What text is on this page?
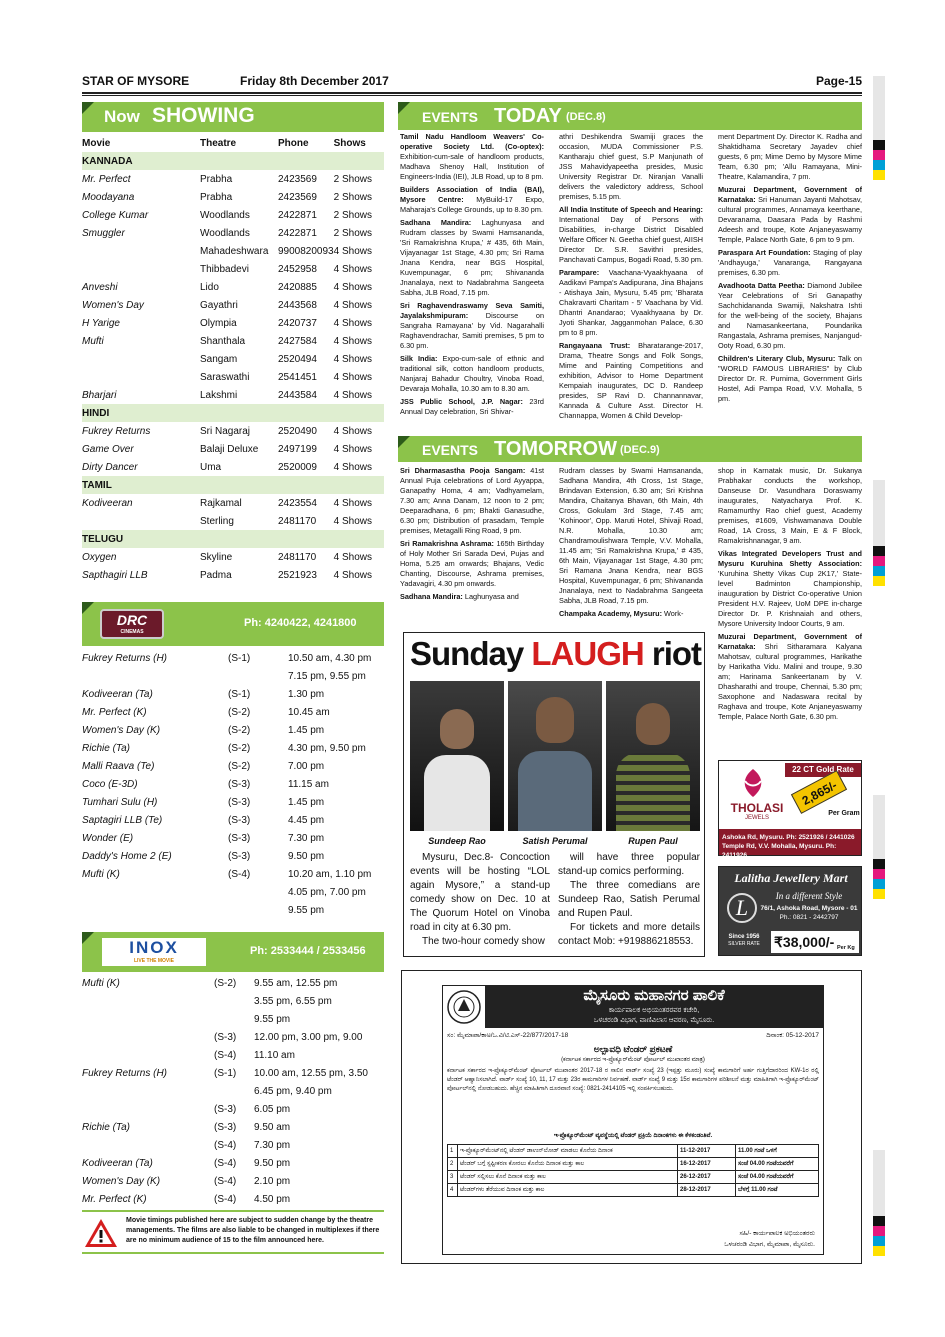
STAR OF MYSORE	Friday 8th December 2017	Page-15
Now SHOWING
Movie	Theatre	Phone	Shows
KANNADA			
Mr. Perfect	Prabha	2423569	2 Shows
Moodayana	Prabha	2423569	2 Shows
College Kumar	Woodlands	2422871	2 Shows
Smuggler	Woodlands	2422871	2 Shows
	Mahadeshwara	9900820093	4 Shows
	Thibbadevi	2452958	4 Shows
Anveshi	Lido	2420885	4 Shows
Women's Day	Gayathri	2443568	4 Shows
H Yarige	Olympia	2420737	4 Shows
Mufti	Shanthala	2427584	4 Shows
	Sangam	2520494	4 Shows
	Saraswathi	2541451	4 Shows
Bharjari	Lakshmi	2443584	4 Shows
HINDI			
Fukrey Returns	Sri Nagaraj	2520490	4 Shows
Game Over	Balaji Deluxe	2497199	4 Shows
Dirty Dancer	Uma	2520009	4 Shows
TAMIL			
Kodiveeran	Rajkamal	2423554	4 Shows
	Sterling	2481170	4 Shows
TELUGU			
Oxygen	Skyline	2481170	4 Shows
Sapthagiri LLB	Padma	2521923	4 Shows
DRC
CINEMAS
Ph: 4240422, 4241800
Fukrey Returns (H)	(S-1)	10.50 am, 4.30 pm
		7.15 pm, 9.55 pm
Kodiveeran (Ta)	(S-1)	1.30 pm
Mr. Perfect (K)	(S-2)	10.45 am
Women's Day (K)	(S-2)	1.45 pm
Richie (Ta)	(S-2)	4.30 pm, 9.50 pm
Malli Raava (Te)	(S-2)	7.00 pm
Coco (E-3D)	(S-3)	11.15 am
Tumhari Sulu (H)	(S-3)	1.45 pm
Saptagiri LLB (Te)	(S-3)	4.45 pm
Wonder (E)	(S-3)	7.30 pm
Daddy's Home 2 (E)	(S-3)	9.50 pm
Mufti (K)	(S-4)	10.20 am, 1.10 pm
		4.05 pm, 7.00 pm
		9.55 pm
INOX
LIVE THE MOVIE
Ph: 2533444 / 2533456
Mufti (K)	(S-2)	9.55 am, 12.55 pm
		3.55 pm, 6.55 pm
		9.55 pm
	(S-3)	12.00 pm, 3.00 pm, 9.00
	(S-4)	11.10 am
Fukrey Returns (H)	(S-1)	10.00 am, 12.55 pm, 3.50
		6.45 pm, 9.40 pm
	(S-3)	6.05 pm
Richie (Ta)	(S-3)	9.50 am
	(S-4)	7.30 pm
Kodiveeran (Ta)	(S-4)	9.50 pm
Women's Day (K)	(S-4)	2.10 pm
Mr. Perfect (K)	(S-4)	4.50 pm
Movie timings published here are subject to sudden change by the theatre managements. The films are also liable to be changed in multiplexes if there are no minimum audience of 15 to the film announced here.
EVENTS TODAY (DEC.8)

Tamil Nadu Handloom Weavers' Co-operative Society Ltd. (Co-optex): Exhibition-cum-sale of handloom products, Madhava Shenoy Hall, Institution of Engineers-India (IEI), JLB Road, up to 8 pm.

Builders Association of India (BAI), Mysore Centre: MyBuild-17 Expo, Maharaja's College Grounds, up to 8.30 pm.

Sadhana Mandira: Laghunyasa and Rudram classes by Swami Hamsananda, 'Sri Ramakrishna Krupa,' # 435, 6th Main, Vijayanagar 1st Stage, 4.30 pm; Sri Rama Jnana Kendra, near BGS Hospital, Kuvempunagar, 6 pm; Shivananda Jnanalaya, next to Nadabrahma Sangeeta Sabha, JLB Road, 7.15 pm.

Sri Raghavendraswamy Seva Samiti, Jayalakshmipuram: Discourse on Sangraha Ramayana' by Vid. Nagarahalli Raghavendrachar, Samiti premises, 5 pm to 6.30 pm.

Silk India: Expo-cum-sale of ethnic and traditional silk, cotton handloom products, Nanjaraj Bahadur Choultry, Vinoba Road, Devaraja Mohalla, 10.30 am to 8.30 am.

JSS Public School, J.P. Nagar: 23rd Annual Day celebration, Sri Shivar-

athri Deshikendra Swamiji graces the occasion, MUDA Commissioner P.S. Kantharaju chief guest, S.P Manjunath of JSS Mahavidyapeetha presides, Music University Registrar Dr. Niranjan Vanalli delivers the valedictory address, School premises, 5.15 pm.

All India Institute of Speech and Hearing: International Day of Persons with Disabilities, in-charge District Disabled Welfare Officer N. Geetha chief guest, AIISH Director Dr. S.R. Savithri presides, Panchavati Campus, Bogadi Road, 5.30 pm.

Parampare: Vaachana-Vyaakhyaana of Aadikavi Pampa's Aadipurana, Jina Bhajans - Atishaya Jain, Mysuru, 5.45 pm; 'Bharata Chakravarti Charitam - 5' Vaachana by Vid. Dhantri Anandarao; Vyaakhyaana by Dr. Jyoti Shankar, Jagganmohan Palace, 6.30 pm to 8 pm.

Rangayaana Trust: Bharatarange-2017, Drama, Theatre Songs and Folk Songs, Mime and Painting Competitions and exhibition, Advisor to Home Department Kempaiah inaugurates, DC D. Randeep presides, SP Ravi D. Channannavar, Kannada & Culture Asst. Director H. Channappa, Women & Child Develop-

ment Department Dy. Director K. Radha and Shaktidhama Secretary Jayadev chief guests, 6 pm; Mime Demo by Mysore Mime Team, 6.30 pm; 'Allu Ramayana, Mini-Theatre, Kalamandira, 7 pm.

Muzurai Department, Government of Karnataka: Sri Hanuman Jayanti Mahotsav, cultural programmes, Annamaya keerthane, Devaranama, Daasara Pada by Rashmi Adeesh and troupe, Kote Anjaneyaswamy Temple, Palace North Gate, 6 pm to 9 pm.

Paraspara Art Foundation: Staging of play 'Andhayuga,' Vanaranga, Rangayana premises, 6.30 pm.

Avadhoota Datta Peetha: Diamond Jubilee Year Celebrations of Sri Ganapathy Sachchidananda Swamiji, Nakshatra Ishti for the well-being of the society, Bhajans and Namasankeertana, Poundarika Rangastala, Ashrama premises, Nanjangud-Ooty Road, 6.30 pm.

Children's Literary Club, Mysuru: Talk on "WORLD FAMOUS LIBRARIES" by Club Director Dr. R. Purnima, Government Girls Hostel, Adi Pampa Road, V.V. Mohalla, 5 pm.

EVENTS TOMORROW (DEC.9)

Sri Dharmasastha Pooja Sangam: 41st Annual Puja celebrations of Lord Ayyappa, Ganapathy Homa, 4 am; Vadhyamelam, 7.30 am; Anna Danam, 12 noon to 2 pm; Deeparadhana, 6 pm; Bhakti Ganasudhe, 6.30 pm; Distribution of prasadam, Temple premises, Metagalli Ring Road, 9 pm.

Sri Ramakrishna Ashrama: 165th Birthday of Holy Mother Sri Sarada Devi, Pujas and Homa, 5.25 am onwards; Bhajans, Vedic Chanting, Discourse, Ashrama premises, Yadavagiri, 4.30 pm onwards.

Sadhana Mandira: Laghunyasa and

Rudram classes by Swami Hamsananda, Sadhana Mandira, 4th Cross, 1st Stage, Brindavan Extension, 6.30 am; Sri Krishna Mandira, Chaitanya Bhavan, 6th Main, 4th Cross, Gokulam 3rd Stage, 7.45 am; 'Kohinoor', Opp. Maruti Hotel, Shivaji Road, N.R. Mohalla, 10.30 am; Chandramoulishwara Temple, V.V. Mohalla, 11.45 am; 'Sri Ramakrishna Krupa,' # 435, 6th Main, Vijayanagar 1st Stage, 4.30 pm; Sri Ramana Jnana Kendra, near BGS Hospital, Kuvempunagar, 6 pm; Shivananda Jnanalaya, next to Nadabrahma Sangeeta Sabha, JLB Road, 7.15 pm.

Champaka Academy, Mysuru: Work-

shop in Karnatak music, Dr. Sukanya Prabhakar conducts the workshop, Danseuse Dr. Vasundhara Doraswamy inaugurates, Natyacharya Prof. K. Ramamurthy Rao chief guest, Academy premises, #1609, Vishwamanava Double Road, 1A Cross, 3 Main, E & F Block, Ramakrishnanagar, 9 am.

Vikas Integrated Developers Trust and Mysuru Kuruhina Shetty Association: 'Kuruhina Shetty Vikas Cup 2K17,' State-level Badminton Championship, inauguration by District Co-operative Union President H.V. Rajeev, UoM DPE in-charge Director Dr. P. Krishnaiah and others, Mysore University Indoor Courts, 9 am.

Muzurai Department, Government of Karnataka: Shri Sitharamara Kalyana Mahotsav, cultural programmes, Harikathe by Harikatha Vidu. Malini and troupe, 9.30 am; Harinama Sankeertanam by V. Dhasharathi and troupe, Chennai, 5.30 pm; Saxophone and Nadaswara recital by Raghava and troupe, Kote Anjaneyaswamy Temple, Palace North Gate, 6.30 pm.

Sunday LAUGH riot
Sundeep Rao	Satish Perumal	Rupen Paul
Mysuru, Dec.8- Concoction events will be hosting “LOL again Mysore,” a stand-up comedy show on Dec. 10 at The Quorum Hotel on Vinoba road in city at 6.30 pm.
The two-hour comedy show
will have three popular stand-up comics performing.
The three comedians are Sundeep Rao, Satish Perumal and Rupen Paul.
For tickets and more details contact Mob: +919886218553.
22 CT Gold Rate
2,865/-
Per Gram
THOLASI
JEWELS
Ashoka Rd, Mysuru. Ph: 2521926 / 2441026 Temple Rd, V.V. Mohalla, Mysuru. Ph: 2411926
Lalitha Jewellery Mart
In a different Style
L	76/1, Ashoka Road, Mysore - 01
Ph.: 0821 - 2442797
Since 1956
SILVER RATE	₹38,000/- Per Kg
ಮೈಸೂರು ಮಹಾನಗರ ಪಾಲಿಕೆ
ಕಾರ್ಯಪಾಲಕ ಅಭಿಯಂತರರವರ ಕಚೇರಿ,
ಒಳಚರಂಡಿ ವಿಭಾಗ, ವಾಣಿವಿಲಾಸ ಆವರಣ, ಮೈಸೂರು.
ಸಂ: ಮೈಮಾಪಾ/ಕಾಅ/ಒ.ವಿ/ಟಿ.ಎಸ್-22/877/2017-18	ದಿನಾಂಕ: 05-12-2017
ಅಲ್ಪಾವಧಿ ಟೆಂಡರ್ ಪ್ರಕಟಣೆ
(ಕರ್ನಾಟಕ ಸರ್ಕಾರದ ಇ-ಪ್ರೊಕ್ಯೂರ್‌ಮೆಂಟ್ ಪೋರ್ಟಲ್ ಮುಖಾಂತರ ಮಾತ್ರ)
ಕರ್ನಾಟಕ ಸರ್ಕಾರದ ಇ-ಪ್ರೊಕ್ಯೂರ್‌ಮೆಂಟ್ ಪೋರ್ಟಲ್ ಮುಖಾಂತರ 2017-18 ರ ಸಾಲಿನ ವಾರ್ಡ್ ಸಂಖ್ಯೆ 23 (ಇಪ್ಪತ್ತು ಮೂರು) ಸಂಖ್ಯೆ ಕಾಮಗಾರಿಗೆ ಅರ್ಹ ಗುತ್ತಿಗೆದಾರರಿಂದ KW-1ರ ರಲ್ಲಿ ಟೆಂಡರ್ ಆಹ್ವಾನಿಸಲಾಗಿದೆ. ವಾರ್ಡ್ ಸಂಖ್ಯೆ 10, 11, 17 ಮತ್ತು 23ರ ಕಾಮಗಾರಿಗಳ ನಿರ್ವಹಣೆ. ವಾರ್ಡ್ ಸಂಖ್ಯೆ 9 ಮತ್ತು 15ರ ಕಾಮಗಾರಿಗಳ ಪರಿಶೀಲನೆ ಮತ್ತು ಮಾಹಿತಿಗಾಗಿ ಇ-ಪ್ರೊಕ್ಯೂರ್‌ಮೆಂಟ್ ಪೋರ್ಟಲ್‌ನಲ್ಲಿ ನೋಡಬಹುದು. ಹೆಚ್ಚಿನ ಮಾಹಿತಿಗಾಗಿ ದೂರವಾಣಿ ಸಂಖ್ಯೆ: 0821-2414105 ಇಲ್ಲಿ ಸಂಪರ್ಕಿಸಬಹುದು.
ಇ-ಪ್ರೊಕ್ಯೂರ್‌ಮೆಂಟ್ ವ್ಯವಸ್ಥೆಯಲ್ಲಿ ಟೆಂಡರ್ ಪ್ರಕ್ರಿಯೆ ದಿನಾಂಕಗಳು ಈ ಕೆಳಕಂಡಂತಿವೆ.
1	ಇ-ಪ್ರೊಕ್ಯೂರ್‌ಮೆಂಟ್‌ನಲ್ಲಿ ಟೆಂಡರ್ ಡಾಉನ್‌ಲೋಡ್ ಮಾಡಲು ಕೊನೆಯ ದಿನಾಂಕ	11-12-2017	11.00 ಗಂಟೆ ಒಳಗೆ
2	ಟೆಂಡರ್ ಬಗ್ಗೆ ಸ್ಪಷ್ಟೀಕರಣ ಕೋರಲು ಕೊನೆಯ ದಿನಾಂಕ ಮತ್ತು ಕಾಲ	16-12-2017	ಸಂಜೆ 04.00 ಗಂಟೆಯವರೆಗೆ
3	ಟೆಂಡರ್ ಸಲ್ಲಿಸಲು ಕೊನೆ ದಿನಾಂಕ ಮತ್ತು ಕಾಲ	26-12-2017	ಸಂಜೆ 04.00 ಗಂಟೆಯವರೆಗೆ
4	ಟೆಂಡರ್‌ಗಳು ತೆರೆಯುವ ದಿನಾಂಕ ಮತ್ತು ಕಾಲ	28-12-2017	ಬೆಳಗ್ಗೆ 11.00 ಗಂಟೆ
ಸಹಿ/- ಕಾರ್ಯಪಾಲಕ ಅಭಿಯಂತರರು
ಒಳಚರಂಡಿ ವಿಭಾಗ, ಮೈಮಾಪಾ, ಮೈಸೂರು.
